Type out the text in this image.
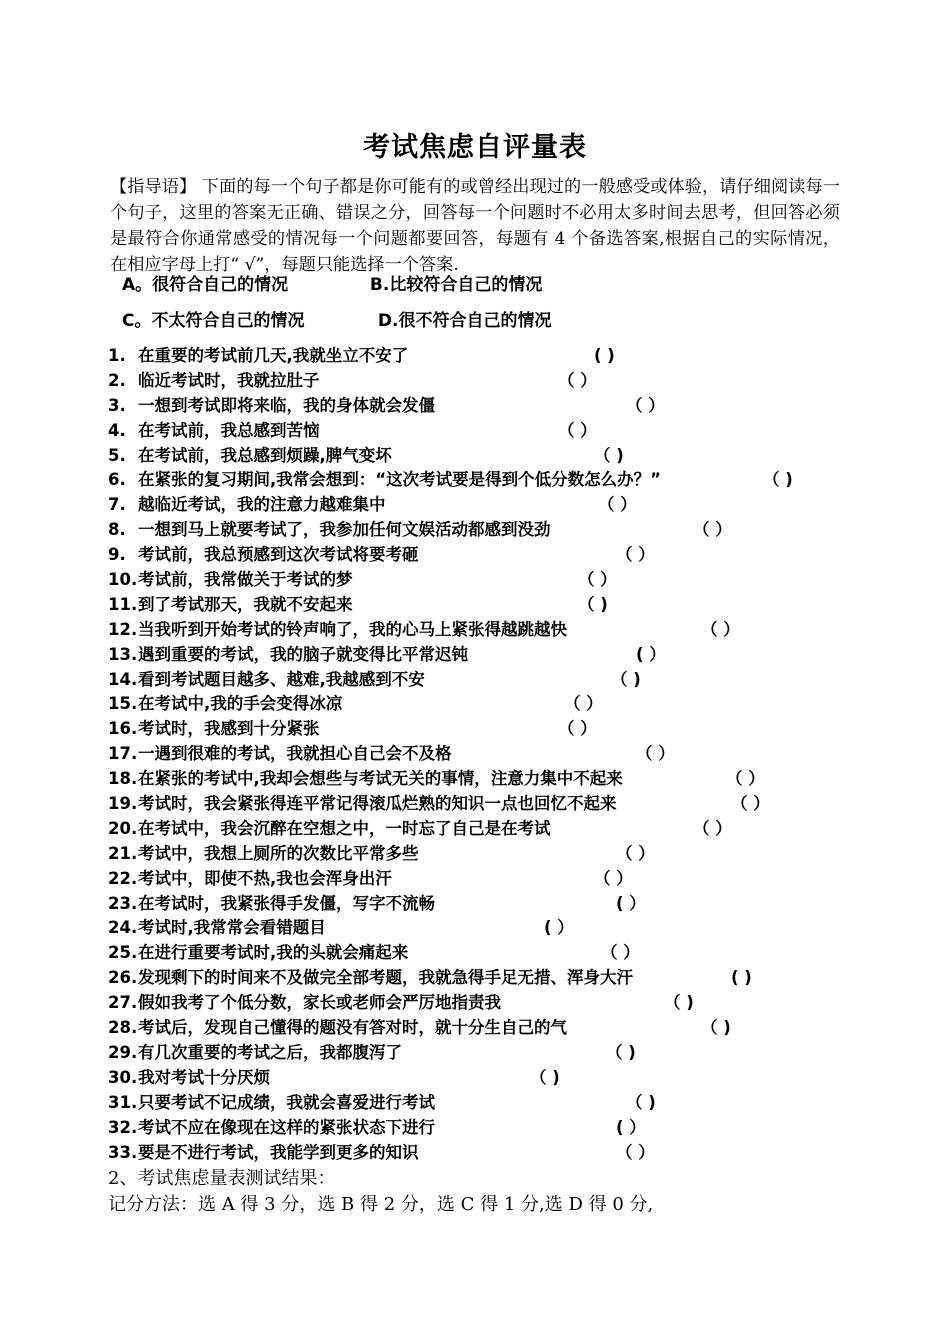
考试焦虑自评量表
【指导语】 下面的每一个句子都是你可能有的或曾经出现过的一般感受或体验，请仔细阅读每一个句子，这里的答案无正确、错误之分，回答每一个问题时不必用太多时间去思考，但回答必须是最符合你通常感受的情况每一个问题都要回答，每题有 4 个备选答案,根据自己的实际情况，在相应字母上打“ √”，每题只能选择一个答案.
A。很符合自己的情况	B.比较符合自己的情况
C。不太符合自己的情况	D.很不符合自己的情况
1. 在重要的考试前几天,我就坐立不安了	( )
2. 临近考试时，我就拉肚子	（ ）
3. 一想到考试即将来临，我的身体就会发僵	（ ）
4. 在考试前，我总感到苦恼	（ ）
5. 在考试前，我总感到烦躁,脾气变坏	（ )
6. 在紧张的复习期间,我常会想到：“这次考试要是得到个低分数怎么办？”	（ )
7. 越临近考试，我的注意力越难集中	（ ）
8. 一想到马上就要考试了，我参加任何文娱活动都感到没劲	（ ）
9. 考试前，我总预感到这次考试将要考砸	（ ）
10.考试前，我常做关于考试的梦	（ ）
11.到了考试那天，我就不安起来	（ )
12.当我听到开始考试的铃声响了，我的心马上紧张得越跳越快	（ ）
13.遇到重要的考试，我的脑子就变得比平常迟钝	( ）
14.看到考试题目越多、越难,我越感到不安	（ )
15.在考试中,我的手会变得冰凉	（ ）
16.考试时，我感到十分紧张	（ ）
17.一遇到很难的考试，我就担心自己会不及格	（ ）
18.在紧张的考试中,我却会想些与考试无关的事情，注意力集中不起来	（ ）
19.考试时，我会紧张得连平常记得滚瓜烂熟的知识一点也回忆不起来	（ ）
20.在考试中，我会沉醉在空想之中，一时忘了自己是在考试	（ ）
21.考试中，我想上厕所的次数比平常多些	（ ）
22.考试中，即使不热,我也会浑身出汗	（ ）
23.在考试时，我紧张得手发僵，写字不流畅	( ）
24.考试时,我常常会看错题目	( ）
25.在进行重要考试时,我的头就会痛起来	（ ）
26.发现剩下的时间来不及做完全部考题，我就急得手足无措、浑身大汗	( )
27.假如我考了个低分数，家长或老师会严厉地指责我	（ )
28.考试后，发现自己懂得的题没有答对时，就十分生自己的气	（ )
29.有几次重要的考试之后，我都腹泻了	（ )
30.我对考试十分厌烦	（ )
31.只要考试不记成绩，我就会喜爱进行考试	（ )
32.考试不应在像现在这样的紧张状态下进行	( ）
33.要是不进行考试，我能学到更多的知识	（ ）
2、考试焦虑量表测试结果：
记分方法：选 A 得 3 分，选 B 得 2 分，选 C 得 1 分,选 D 得 0 分,
